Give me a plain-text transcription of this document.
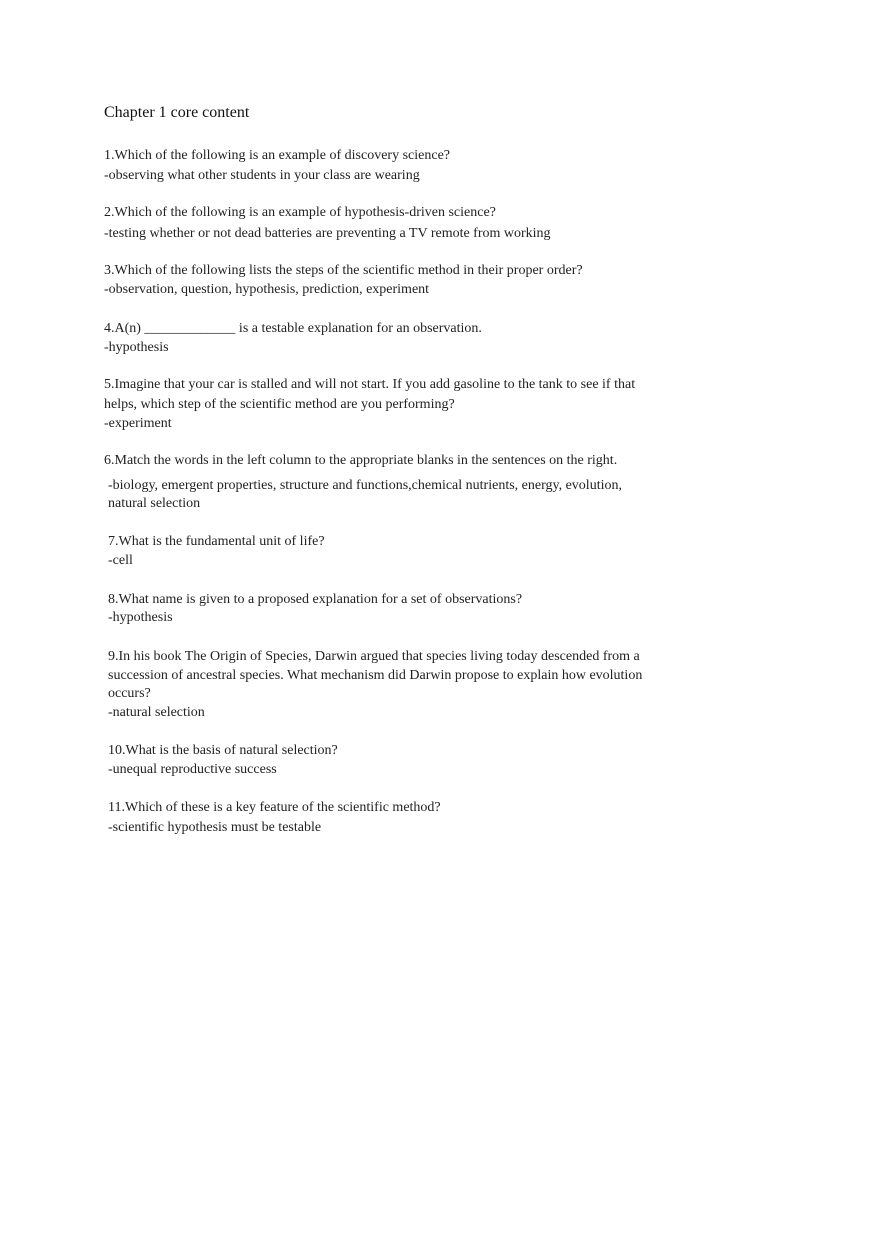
Chapter 1 core content
1.Which of the following is an example of discovery science?
-observing what other students in your class are wearing
2.Which of the following is an example of hypothesis-driven science?
-testing whether or not dead batteries are preventing a TV remote from working
3.Which of the following lists the steps of the scientific method in their proper order?
-observation, question, hypothesis, prediction, experiment
4.A(n) _____________ is a testable explanation for an observation.
-hypothesis
5.Imagine that your car is stalled and will not start. If you add gasoline to the tank to see if that
helps, which step of the scientific method are you performing?
-experiment
6.Match the words in the left column to the appropriate blanks in the sentences on the right.
-biology, emergent properties, structure and functions,chemical nutrients, energy, evolution,
natural selection
7.What is the fundamental unit of life?
-cell
8.What name is given to a proposed explanation for a set of observations?
-hypothesis
9.In his book The Origin of Species, Darwin argued that species living today descended from a
succession of ancestral species. What mechanism did Darwin propose to explain how evolution
occurs?
-natural selection
10.What is the basis of natural selection?
-unequal reproductive success
11.Which of these is a key feature of the scientific method?
-scientific hypothesis must be testable
